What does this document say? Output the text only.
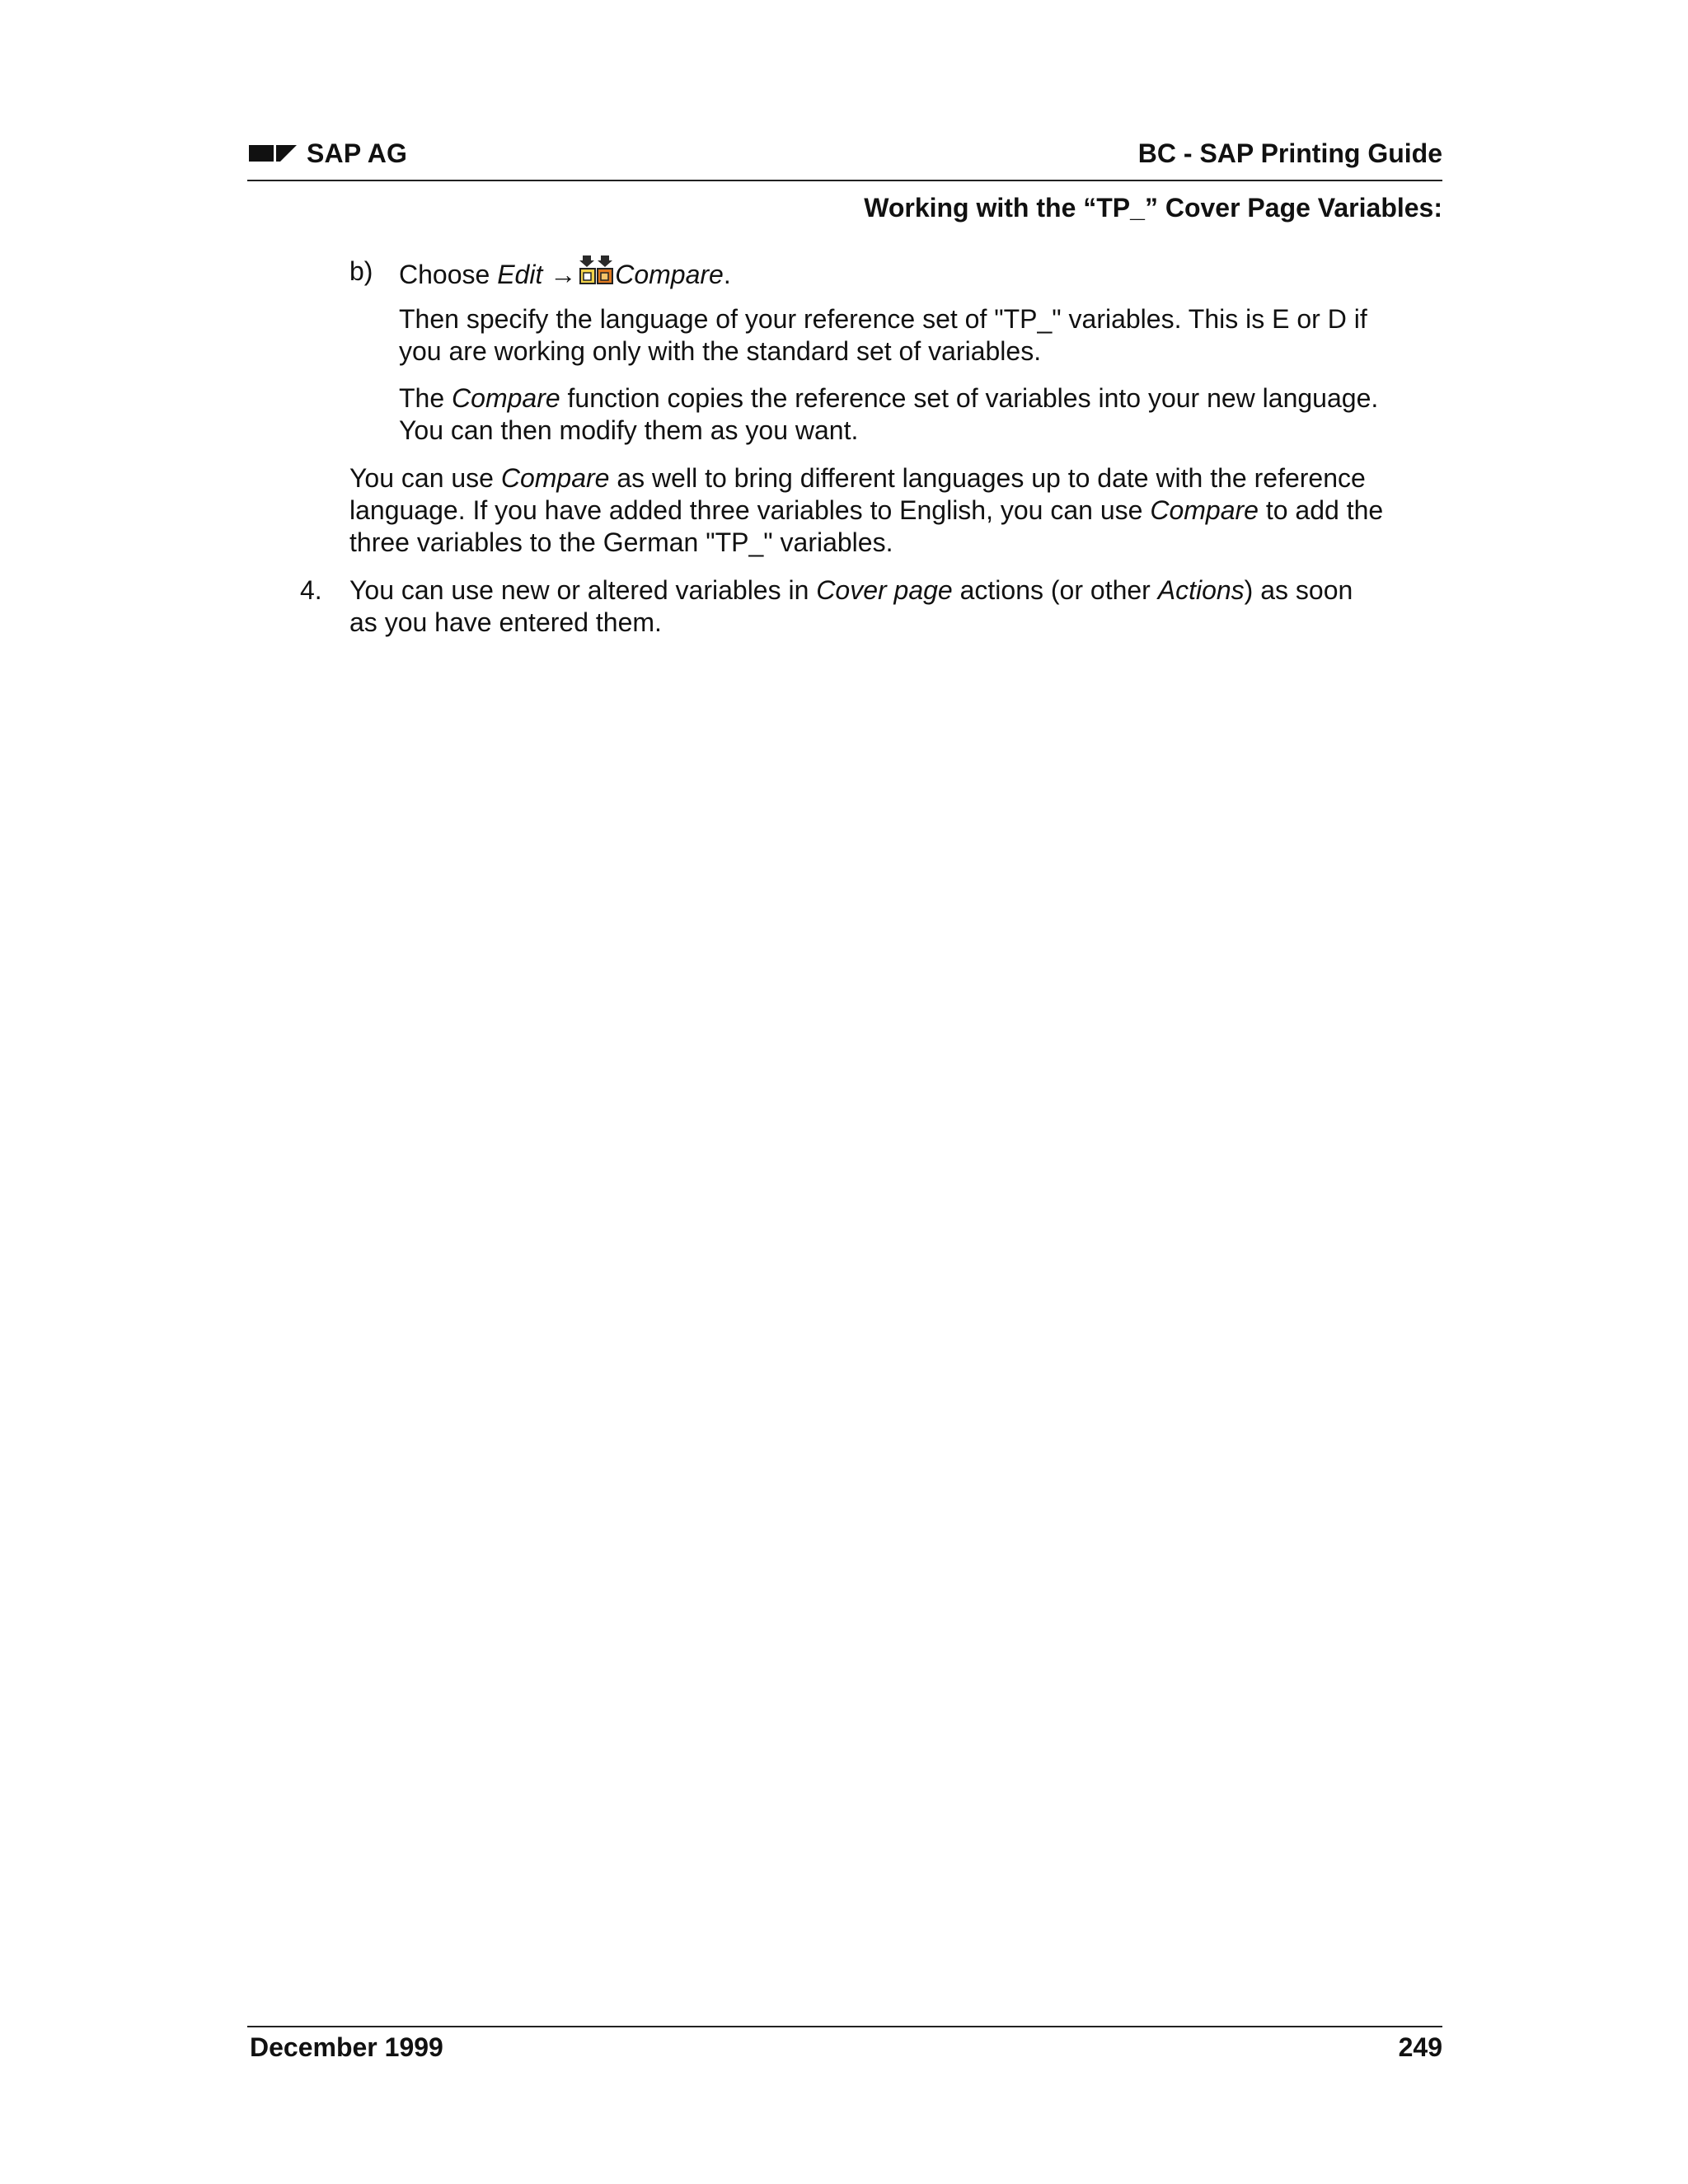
SAP AG	BC - SAP Printing Guide
Working with the “TP_” Cover Page Variables:
b) Choose Edit → Compare.

Then specify the language of your reference set of "TP_" variables. This is E or D if
you are working only with the standard set of variables.

The Compare function copies the reference set of variables into your new language.
You can then modify them as you want.

You can use Compare as well to bring different languages up to date with the reference
language. If you have added three variables to English, you can use Compare to add the
three variables to the German "TP_" variables.

4. You can use new or altered variables in Cover page actions (or other Actions) as soon
as you have entered them.

December 1999	249
